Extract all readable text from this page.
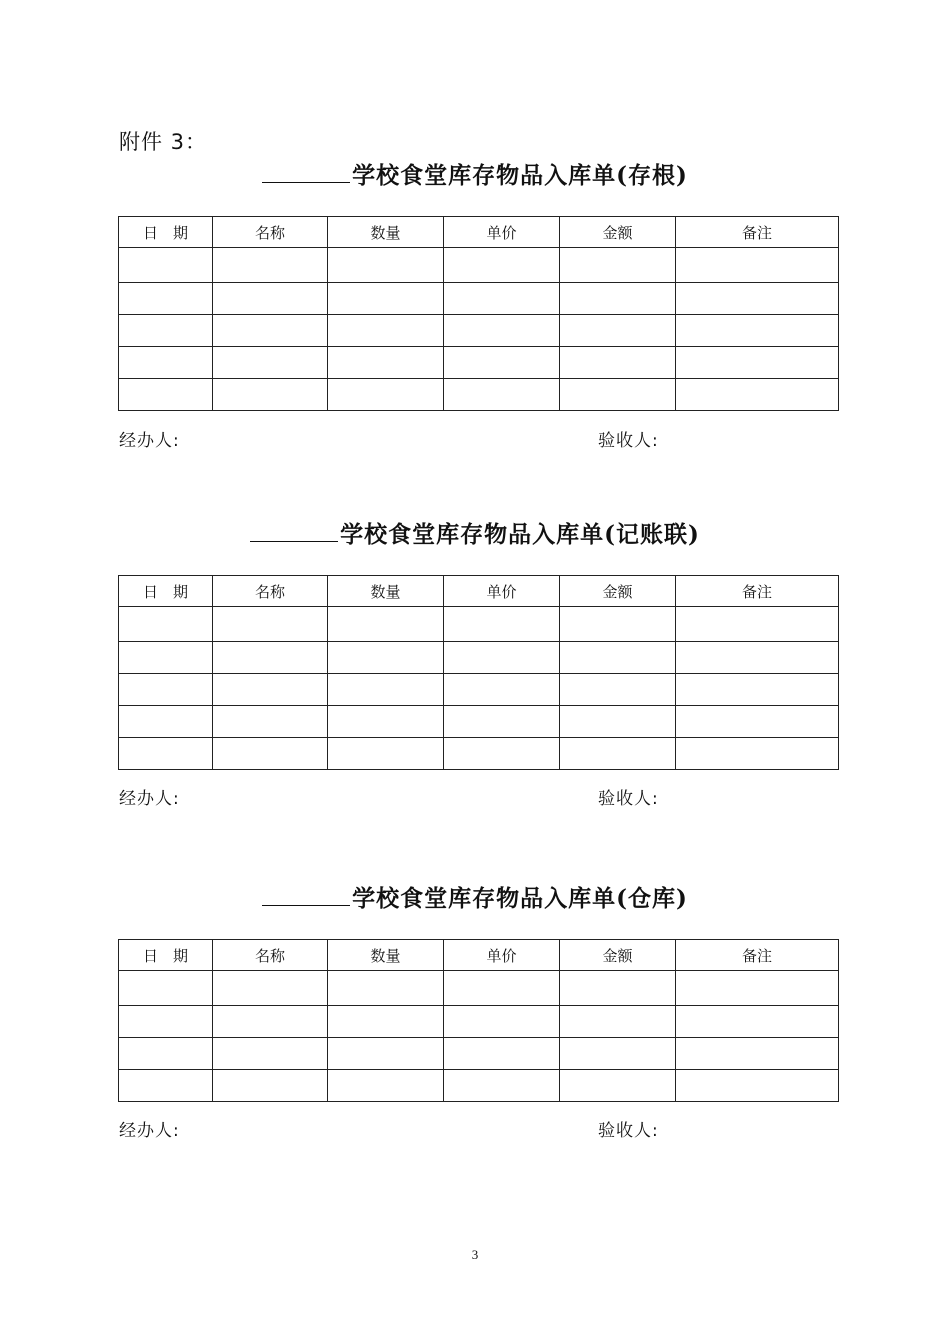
附件 3：
学校食堂库存物品入库单(存根)
日　期	名称	数量	单价	金额	备注

经办人:	验收人:
学校食堂库存物品入库单(记账联)
日　期	名称	数量	单价	金额	备注

经办人:	验收人:
学校食堂库存物品入库单(仓库)
日　期	名称	数量	单价	金额	备注

经办人:	验收人:
3
